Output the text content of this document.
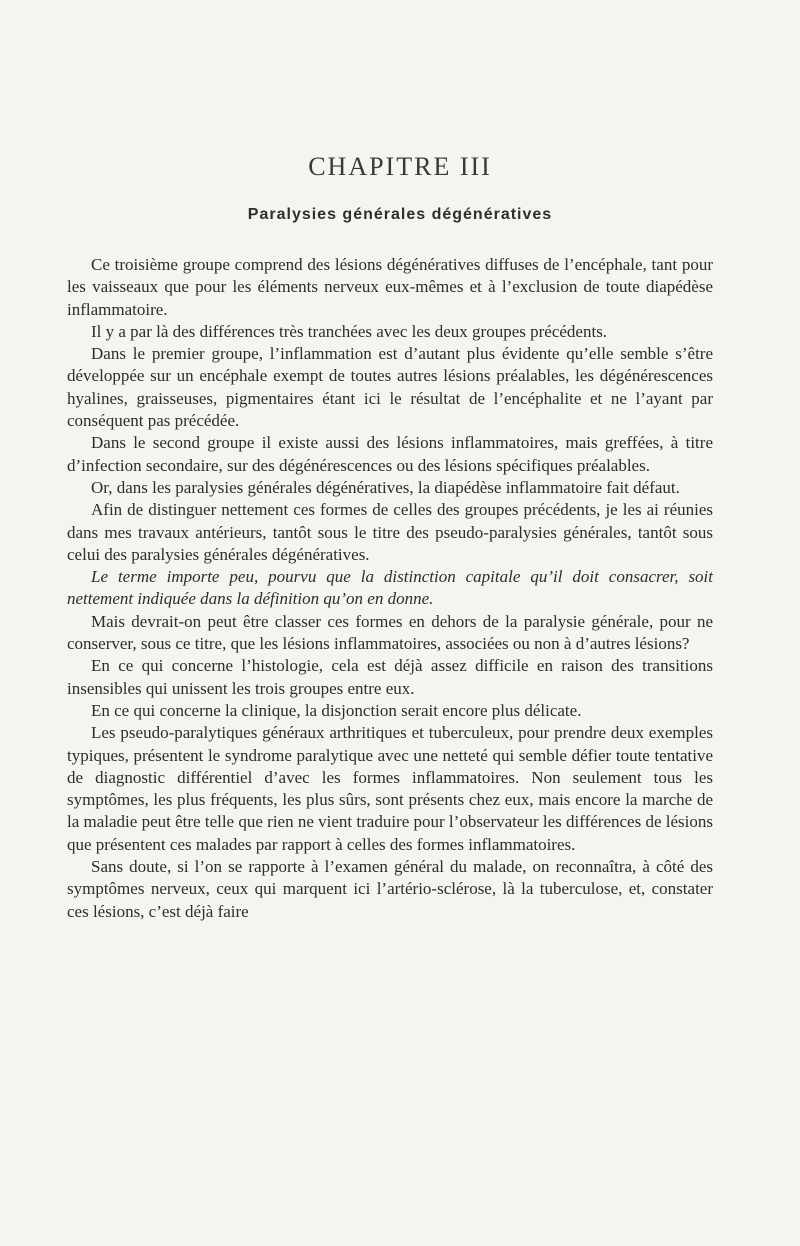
CHAPITRE III
Paralysies générales dégénératives

Ce troisième groupe comprend des lésions dégénératives diffuses de l’encéphale, tant pour les vaisseaux que pour les éléments nerveux eux-mêmes et à l’exclusion de toute diapédèse inflammatoire.

Il y a par là des différences très tranchées avec les deux groupes précédents.

Dans le premier groupe, l’inflammation est d’autant plus évidente qu’elle semble s’être développée sur un encéphale exempt de toutes autres lésions préalables, les dégénérescences hyalines, graisseuses, pigmentaires étant ici le résultat de l’encéphalite et ne l’ayant par conséquent pas précédée.

Dans le second groupe il existe aussi des lésions inflammatoires, mais greffées, à titre d’infection secondaire, sur des dégénérescences ou des lésions spécifiques préalables.

Or, dans les paralysies générales dégénératives, la diapédèse inflammatoire fait défaut.

Afin de distinguer nettement ces formes de celles des groupes précédents, je les ai réunies dans mes travaux antérieurs, tantôt sous le titre des pseudo-paralysies générales, tantôt sous celui des paralysies générales dégénératives.

Le terme importe peu, pourvu que la distinction capitale qu’il doit consacrer, soit nettement indiquée dans la définition qu’on en donne.

Mais devrait-on peut être classer ces formes en dehors de la paralysie générale, pour ne conserver, sous ce titre, que les lésions inflammatoires, associées ou non à d’autres lésions?

En ce qui concerne l’histologie, cela est déjà assez difficile en raison des transitions insensibles qui unissent les trois groupes entre eux.

En ce qui concerne la clinique, la disjonction serait encore plus délicate.

Les pseudo-paralytiques généraux arthritiques et tuberculeux, pour prendre deux exemples typiques, présentent le syndrome paralytique avec une netteté qui semble défier toute tentative de diagnostic différentiel d’avec les formes inflammatoires. Non seulement tous les symptômes, les plus fréquents, les plus sûrs, sont présents chez eux, mais encore la marche de la maladie peut être telle que rien ne vient traduire pour l’observateur les différences de lésions que présentent ces malades par rapport à celles des formes inflammatoires.

Sans doute, si l’on se rapporte à l’examen général du malade, on reconnaîtra, à côté des symptômes nerveux, ceux qui marquent ici l’artério-sclérose, là la tuberculose, et, constater ces lésions, c’est déjà faire
